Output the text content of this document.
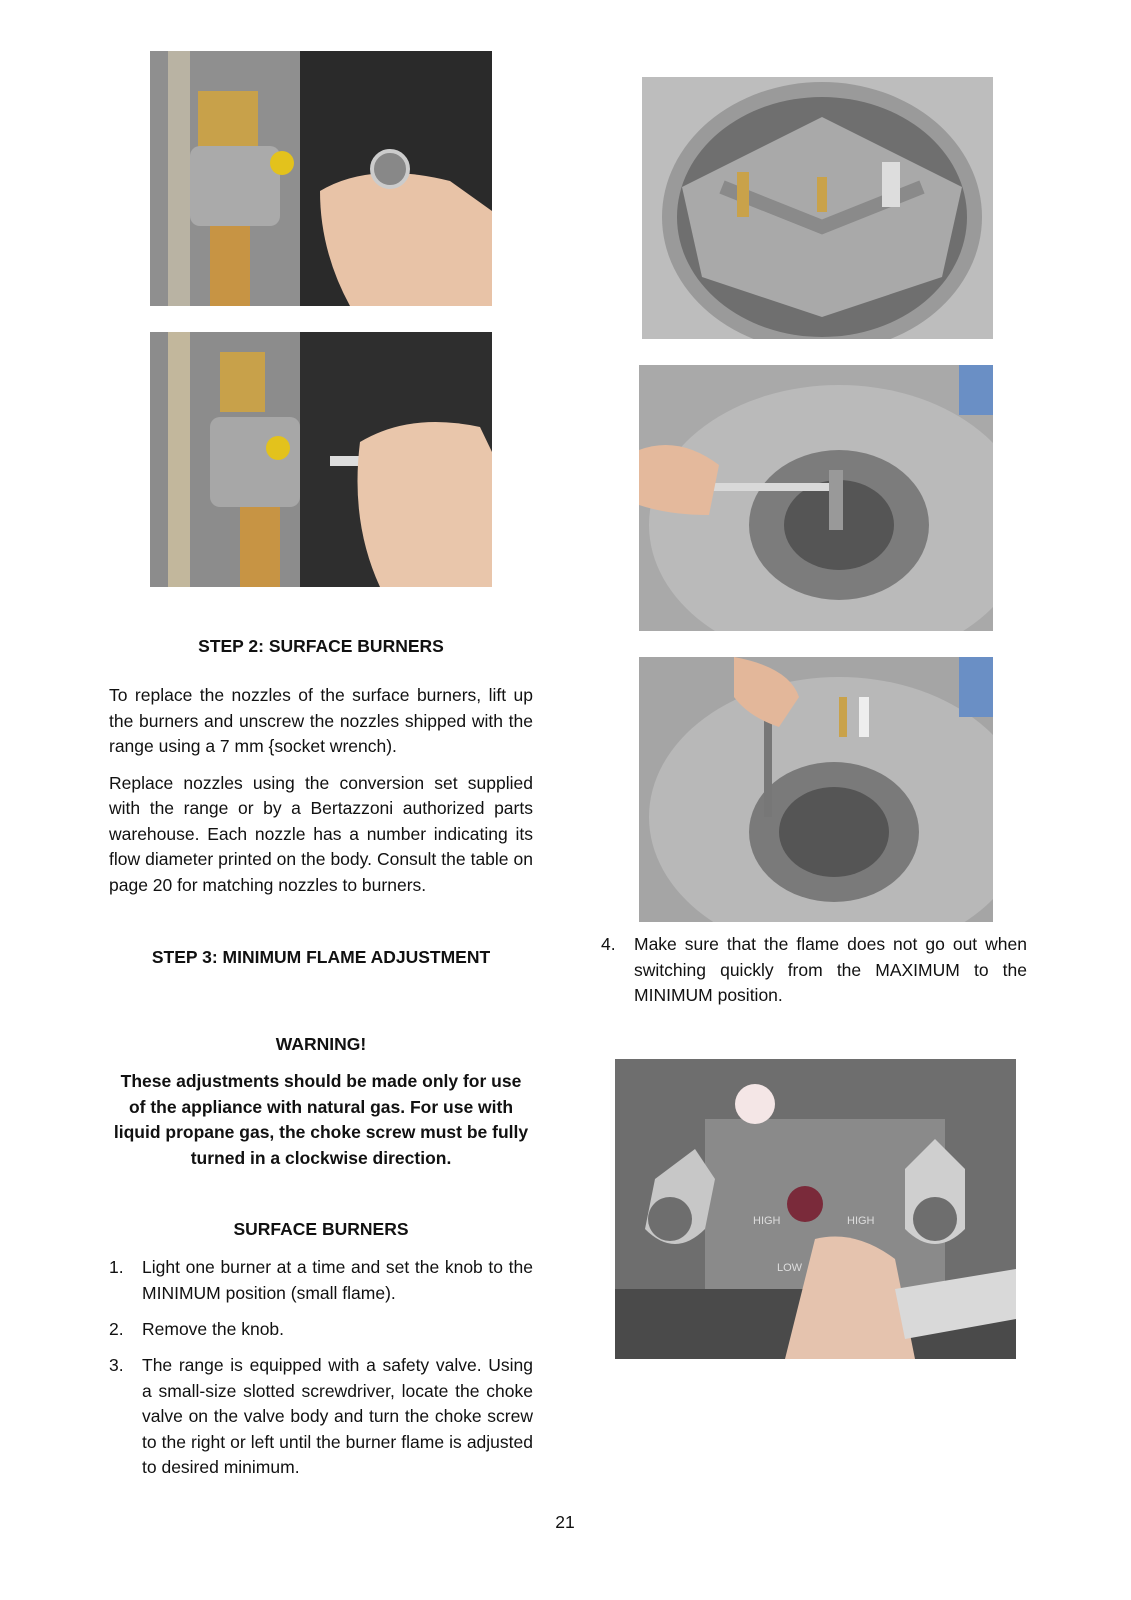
HIGH	HIGH
LOW
STEP 2: SURFACE BURNERS

To replace the nozzles of the surface burners, lift up the burners and unscrew the nozzles shipped with the range using a 7 mm {socket wrench).

Replace nozzles using the conversion set supplied with the range or by a Bertazzoni authorized parts warehouse. Each nozzle has a number indicating its flow diameter printed on the body. Consult the table on page 20 for matching nozzles to burners.

STEP 3: MINIMUM FLAME ADJUSTMENT
WARNING!
These adjustments should be made only for use of the appliance with natural gas. For use with liquid propane gas, the choke screw must be fully turned in a clockwise direction.
SURFACE BURNERS
1. Light one burner at a time and set the knob to the MINIMUM position (small flame).
2. Remove the knob.
3. The range is equipped with a safety valve. Using a small-size slotted screwdriver, locate the choke valve on the valve body and turn the choke screw to the right or left until the burner flame is adjusted to desired minimum.
4. Make sure that the flame does not go out when switching quickly from the MAXIMUM to the MINIMUM position.
21
